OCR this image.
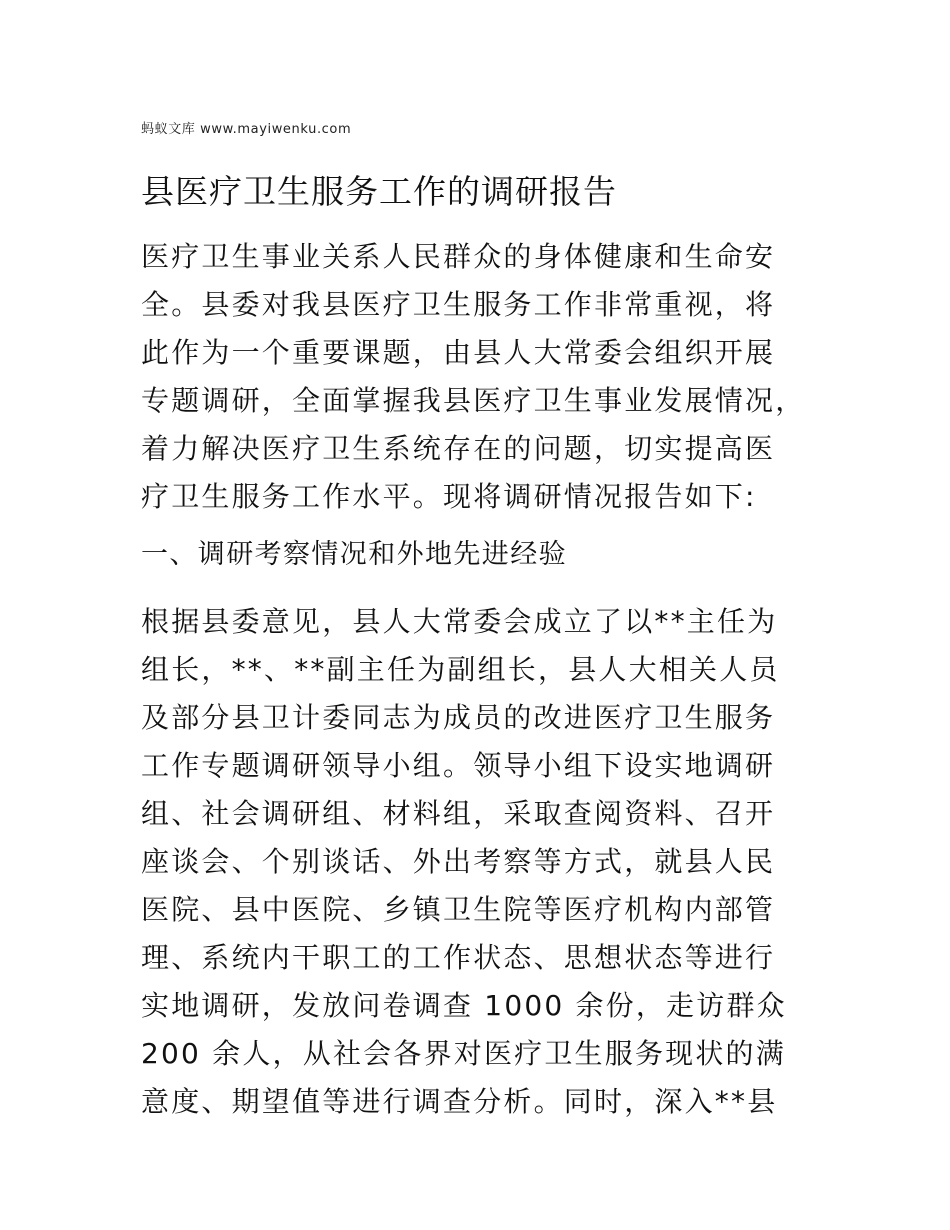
蚂蚁文库 www.mayiwenku.com
县医疗卫生服务工作的调研报告
医疗卫生事业关系人民群众的身体健康和生命安
全。县委对我县医疗卫生服务工作非常重视，将
此作为一个重要课题，由县人大常委会组织开展
专题调研，全面掌握我县医疗卫生事业发展情况，
着力解决医疗卫生系统存在的问题，切实提高医
疗卫生服务工作水平。现将调研情况报告如下:
一、调研考察情况和外地先进经验
根据县委意见，县人大常委会成立了以**主任为
组长，**、**副主任为副组长，县人大相关人员
及部分县卫计委同志为成员的改进医疗卫生服务
工作专题调研领导小组。领导小组下设实地调研
组、社会调研组、材料组，采取查阅资料、召开
座谈会、个别谈话、外出考察等方式，就县人民
医院、县中医院、乡镇卫生院等医疗机构内部管
理、系统内干职工的工作状态、思想状态等进行
实地调研，发放问卷调查 1000 余份，走访群众
200 余人，从社会各界对医疗卫生服务现状的满
意度、期望值等进行调查分析。同时，深入**县
